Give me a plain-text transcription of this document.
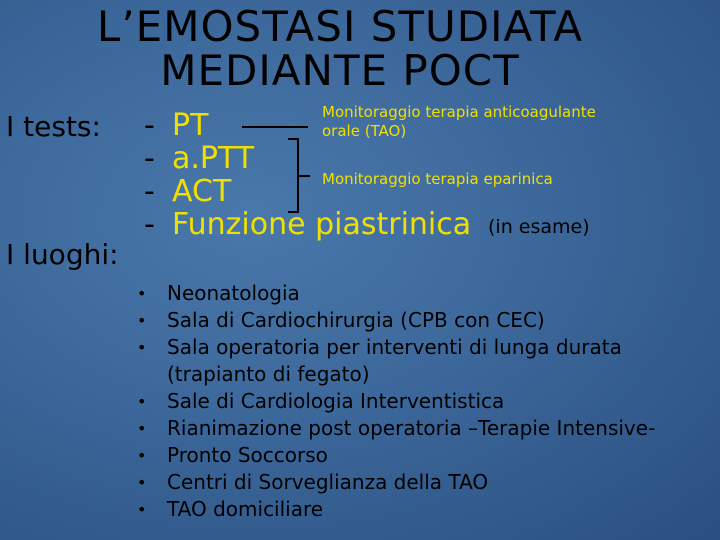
L’EMOSTASI STUDIATA
MEDIANTE POCT
I tests: -
-
-
-
PT
a.PTT
ACT
Funzione piastrinica (in esame)
Monitoraggio terapia anticoagulante
orale (TAO)
Monitoraggio terapia eparinica
I luoghi:
• Neonatologia
• Sala di Cardiochirurgia (CPB con CEC)
• Sala operatoria per interventi di lunga durata
(trapianto di fegato)
• Sale di Cardiologia Interventistica
• Rianimazione post operatoria –Terapie Intensive-
• Pronto Soccorso
• Centri di Sorveglianza della TAO
• TAO domiciliare
